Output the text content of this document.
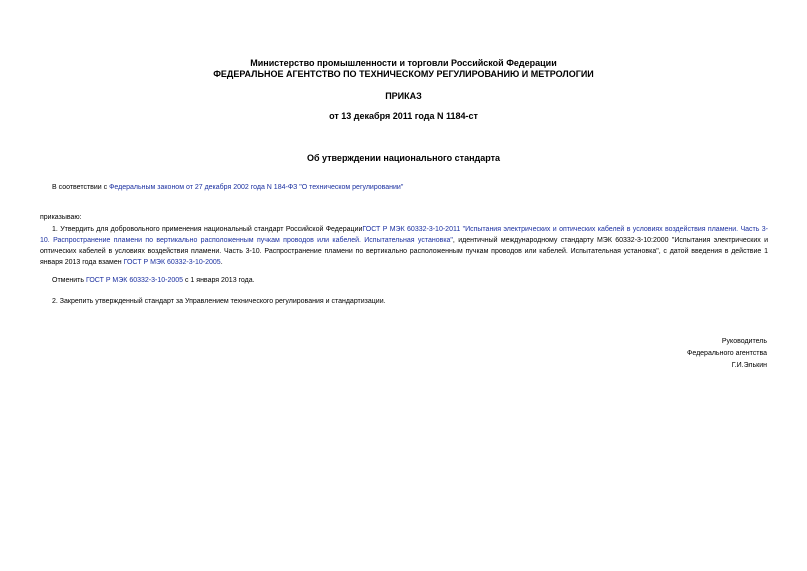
Министерство промышленности и торговли Российской Федерации
ФЕДЕРАЛЬНОЕ АГЕНТСТВО ПО ТЕХНИЧЕСКОМУ РЕГУЛИРОВАНИЮ И МЕТРОЛОГИИ
ПРИКАЗ
от 13 декабря 2011 года N 1184-ст
Об утверждении национального стандарта
В соответствии с Федеральным законом от 27 декабря 2002 года N 184-ФЗ "О техническом регулировании"
приказываю:
1. Утвердить для добровольного применения национальный стандарт Российской ФедерацииГОСТ Р МЭК 60332-3-10-2011 "Испытания электрических и оптических кабелей в условиях воздействия пламени. Часть 3-10. Распространение пламени по вертикально расположенным пучкам проводов или кабелей. Испытательная установка", идентичный международному стандарту МЭК 60332-3-10:2000 "Испытания электрических и оптических кабелей в условиях воздействия пламени. Часть 3-10. Распространение пламени по вертикально расположенным пучкам проводов или кабелей. Испытательная установка", с датой введения в действие 1 января 2013 года взамен ГОСТ Р МЭК 60332-3-10-2005.
Отменить ГОСТ Р МЭК 60332-3-10-2005 с 1 января 2013 года.
2. Закрепить утвержденный стандарт за Управлением технического регулирования и стандартизации.
Руководитель
Федерального агентства
Г.И.Элькин
